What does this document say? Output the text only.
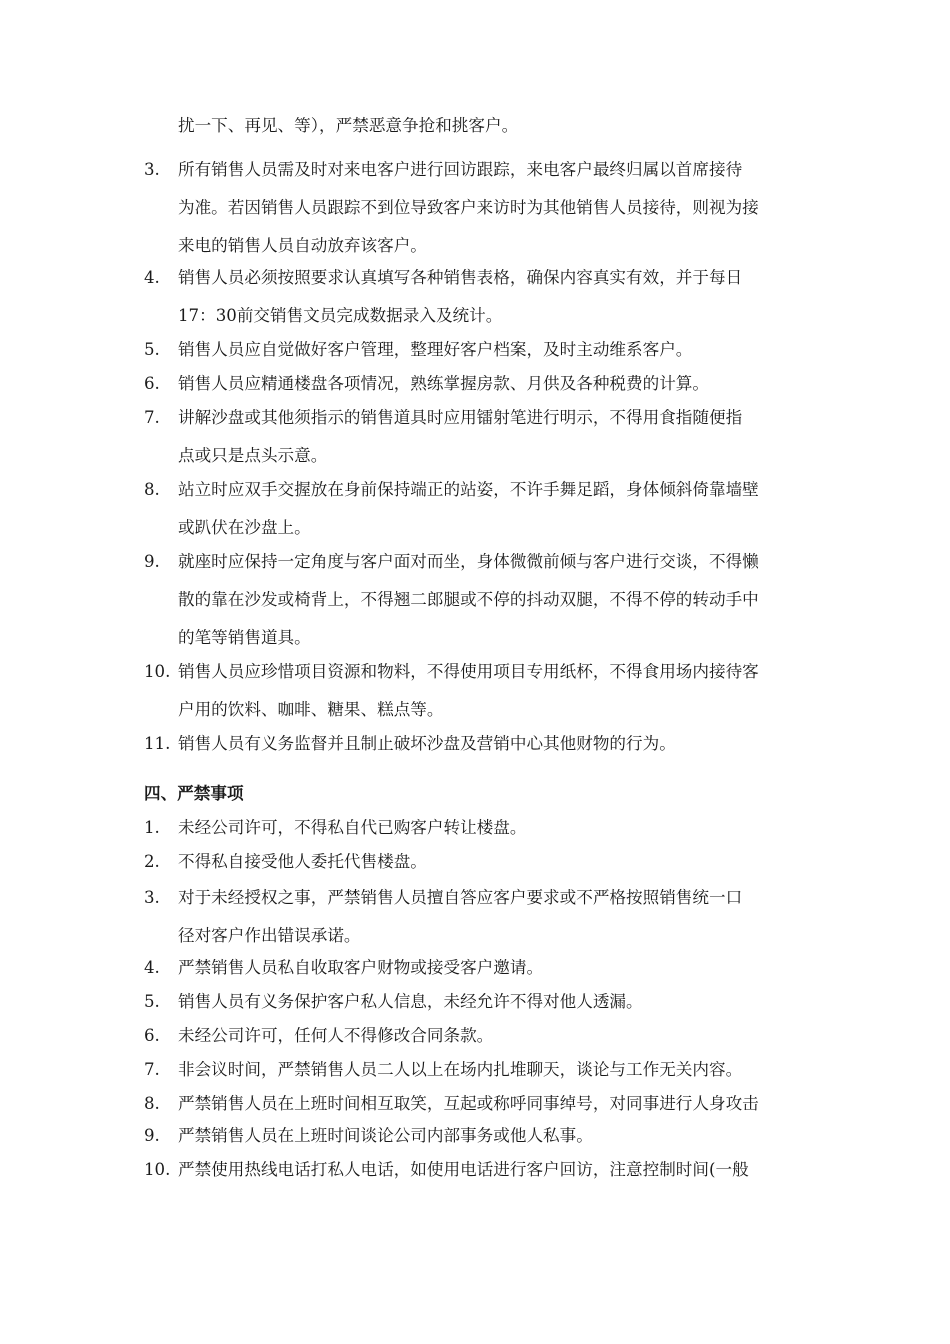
扰一下、再见、等），严禁恶意争抢和挑客户。
3.	所有销售人员需及时对来电客户进行回访跟踪，来电客户最终归属以首席接待
为准。若因销售人员跟踪不到位导致客户来访时为其他销售人员接待，则视为接
来电的销售人员自动放弃该客户。
4.	销售人员必须按照要求认真填写各种销售表格，确保内容真实有效，并于每日
17：30前交销售文员完成数据录入及统计。
5.	销售人员应自觉做好客户管理，整理好客户档案，及时主动维系客户。
6.	销售人员应精通楼盘各项情况，熟练掌握房款、月供及各种税费的计算。
7.	讲解沙盘或其他须指示的销售道具时应用镭射笔进行明示，不得用食指随便指
点或只是点头示意。
8.	站立时应双手交握放在身前保持端正的站姿，不许手舞足蹈，身体倾斜倚靠墙壁
或趴伏在沙盘上。
9.	就座时应保持一定角度与客户面对而坐，身体微微前倾与客户进行交谈，不得懒
散的靠在沙发或椅背上，不得翘二郎腿或不停的抖动双腿，不得不停的转动手中
的笔等销售道具。
10. 销售人员应珍惜项目资源和物料，不得使用项目专用纸杯，不得食用场内接待客
户用的饮料、咖啡、糖果、糕点等。
11. 销售人员有义务监督并且制止破坏沙盘及营销中心其他财物的行为。
四、严禁事项
1.	未经公司许可，不得私自代已购客户转让楼盘。
2.	不得私自接受他人委托代售楼盘。
3.	对于未经授权之事，严禁销售人员擅自答应客户要求或不严格按照销售统一口
径对客户作出错误承诺。
4.	严禁销售人员私自收取客户财物或接受客户邀请。
5.	销售人员有义务保护客户私人信息，未经允许不得对他人透漏。
6.	未经公司许可，任何人不得修改合同条款。
7.	非会议时间，严禁销售人员二人以上在场内扎堆聊天，谈论与工作无关内容。
8.	严禁销售人员在上班时间相互取笑，互起或称呼同事绰号，对同事进行人身攻击
9.	严禁销售人员在上班时间谈论公司内部事务或他人私事。
10. 严禁使用热线电话打私人电话，如使用电话进行客户回访，注意控制时间(一般
